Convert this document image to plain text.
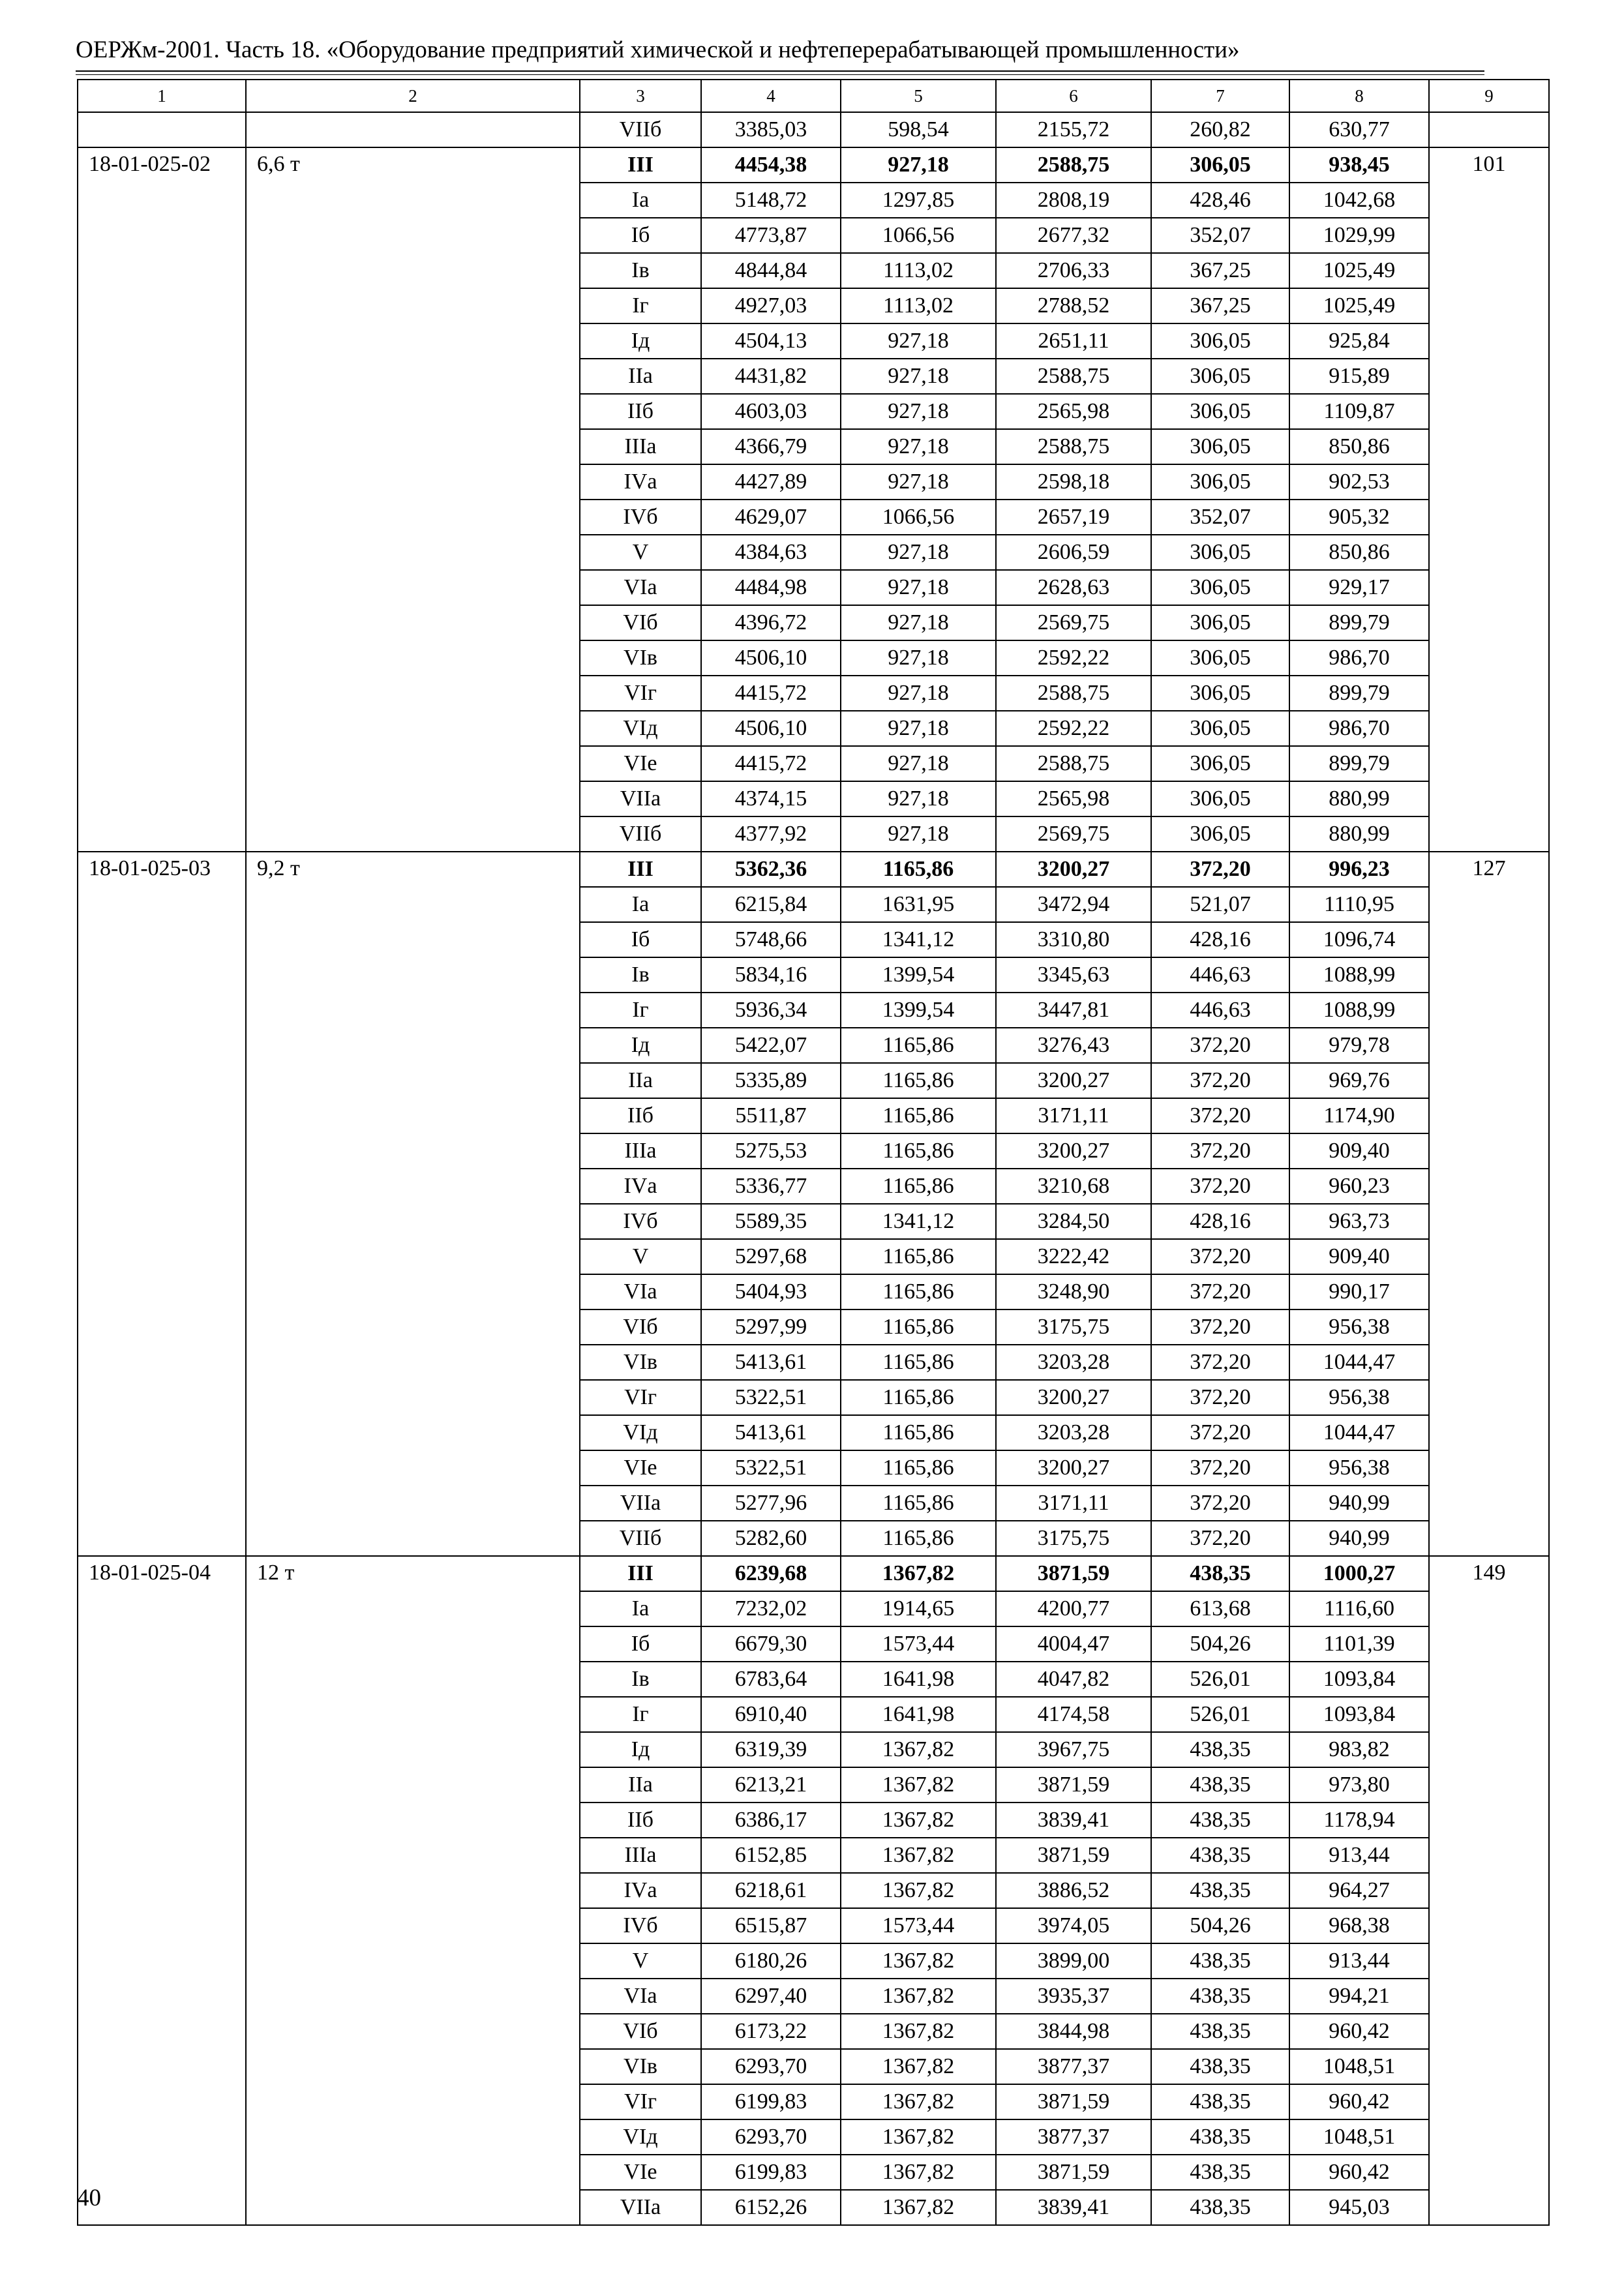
ОЕРЖм-2001. Часть 18. «Оборудование предприятий химической и нефтеперерабатывающей промышленности»
1	2	3	4	5	6	7	8	9
		VIIб	3385,03	598,54	2155,72	260,82	630,77	
18-01-025-02	6,6 т	III	4454,38	927,18	2588,75	306,05	938,45	101
		Iа	5148,72	1297,85	2808,19	428,46	1042,68	
		Iб	4773,87	1066,56	2677,32	352,07	1029,99	
		Iв	4844,84	1113,02	2706,33	367,25	1025,49	
		Iг	4927,03	1113,02	2788,52	367,25	1025,49	
		Iд	4504,13	927,18	2651,11	306,05	925,84	
		IIа	4431,82	927,18	2588,75	306,05	915,89	
		IIб	4603,03	927,18	2565,98	306,05	1109,87	
		IIIа	4366,79	927,18	2588,75	306,05	850,86	
		IVа	4427,89	927,18	2598,18	306,05	902,53	
		IVб	4629,07	1066,56	2657,19	352,07	905,32	
		V	4384,63	927,18	2606,59	306,05	850,86	
		VIа	4484,98	927,18	2628,63	306,05	929,17	
		VIб	4396,72	927,18	2569,75	306,05	899,79	
		VIв	4506,10	927,18	2592,22	306,05	986,70	
		VIг	4415,72	927,18	2588,75	306,05	899,79	
		VIд	4506,10	927,18	2592,22	306,05	986,70	
		VIе	4415,72	927,18	2588,75	306,05	899,79	
		VIIа	4374,15	927,18	2565,98	306,05	880,99	
		VIIб	4377,92	927,18	2569,75	306,05	880,99	
18-01-025-03	9,2 т	III	5362,36	1165,86	3200,27	372,20	996,23	127
		Iа	6215,84	1631,95	3472,94	521,07	1110,95	
		Iб	5748,66	1341,12	3310,80	428,16	1096,74	
		Iв	5834,16	1399,54	3345,63	446,63	1088,99	
		Iг	5936,34	1399,54	3447,81	446,63	1088,99	
		Iд	5422,07	1165,86	3276,43	372,20	979,78	
		IIа	5335,89	1165,86	3200,27	372,20	969,76	
		IIб	5511,87	1165,86	3171,11	372,20	1174,90	
		IIIа	5275,53	1165,86	3200,27	372,20	909,40	
		IVа	5336,77	1165,86	3210,68	372,20	960,23	
		IVб	5589,35	1341,12	3284,50	428,16	963,73	
		V	5297,68	1165,86	3222,42	372,20	909,40	
		VIа	5404,93	1165,86	3248,90	372,20	990,17	
		VIб	5297,99	1165,86	3175,75	372,20	956,38	
		VIв	5413,61	1165,86	3203,28	372,20	1044,47	
		VIг	5322,51	1165,86	3200,27	372,20	956,38	
		VIд	5413,61	1165,86	3203,28	372,20	1044,47	
		VIе	5322,51	1165,86	3200,27	372,20	956,38	
		VIIа	5277,96	1165,86	3171,11	372,20	940,99	
		VIIб	5282,60	1165,86	3175,75	372,20	940,99	
18-01-025-04	12 т	III	6239,68	1367,82	3871,59	438,35	1000,27	149
		Iа	7232,02	1914,65	4200,77	613,68	1116,60	
		Iб	6679,30	1573,44	4004,47	504,26	1101,39	
		Iв	6783,64	1641,98	4047,82	526,01	1093,84	
		Iг	6910,40	1641,98	4174,58	526,01	1093,84	
		Iд	6319,39	1367,82	3967,75	438,35	983,82	
		IIа	6213,21	1367,82	3871,59	438,35	973,80	
		IIб	6386,17	1367,82	3839,41	438,35	1178,94	
		IIIа	6152,85	1367,82	3871,59	438,35	913,44	
		IVа	6218,61	1367,82	3886,52	438,35	964,27	
		IVб	6515,87	1573,44	3974,05	504,26	968,38	
		V	6180,26	1367,82	3899,00	438,35	913,44	
		VIа	6297,40	1367,82	3935,37	438,35	994,21	
		VIб	6173,22	1367,82	3844,98	438,35	960,42	
		VIв	6293,70	1367,82	3877,37	438,35	1048,51	
		VIг	6199,83	1367,82	3871,59	438,35	960,42	
		VIд	6293,70	1367,82	3877,37	438,35	1048,51	
		VIе	6199,83	1367,82	3871,59	438,35	960,42	
		VIIа	6152,26	1367,82	3839,41	438,35	945,03	
40
